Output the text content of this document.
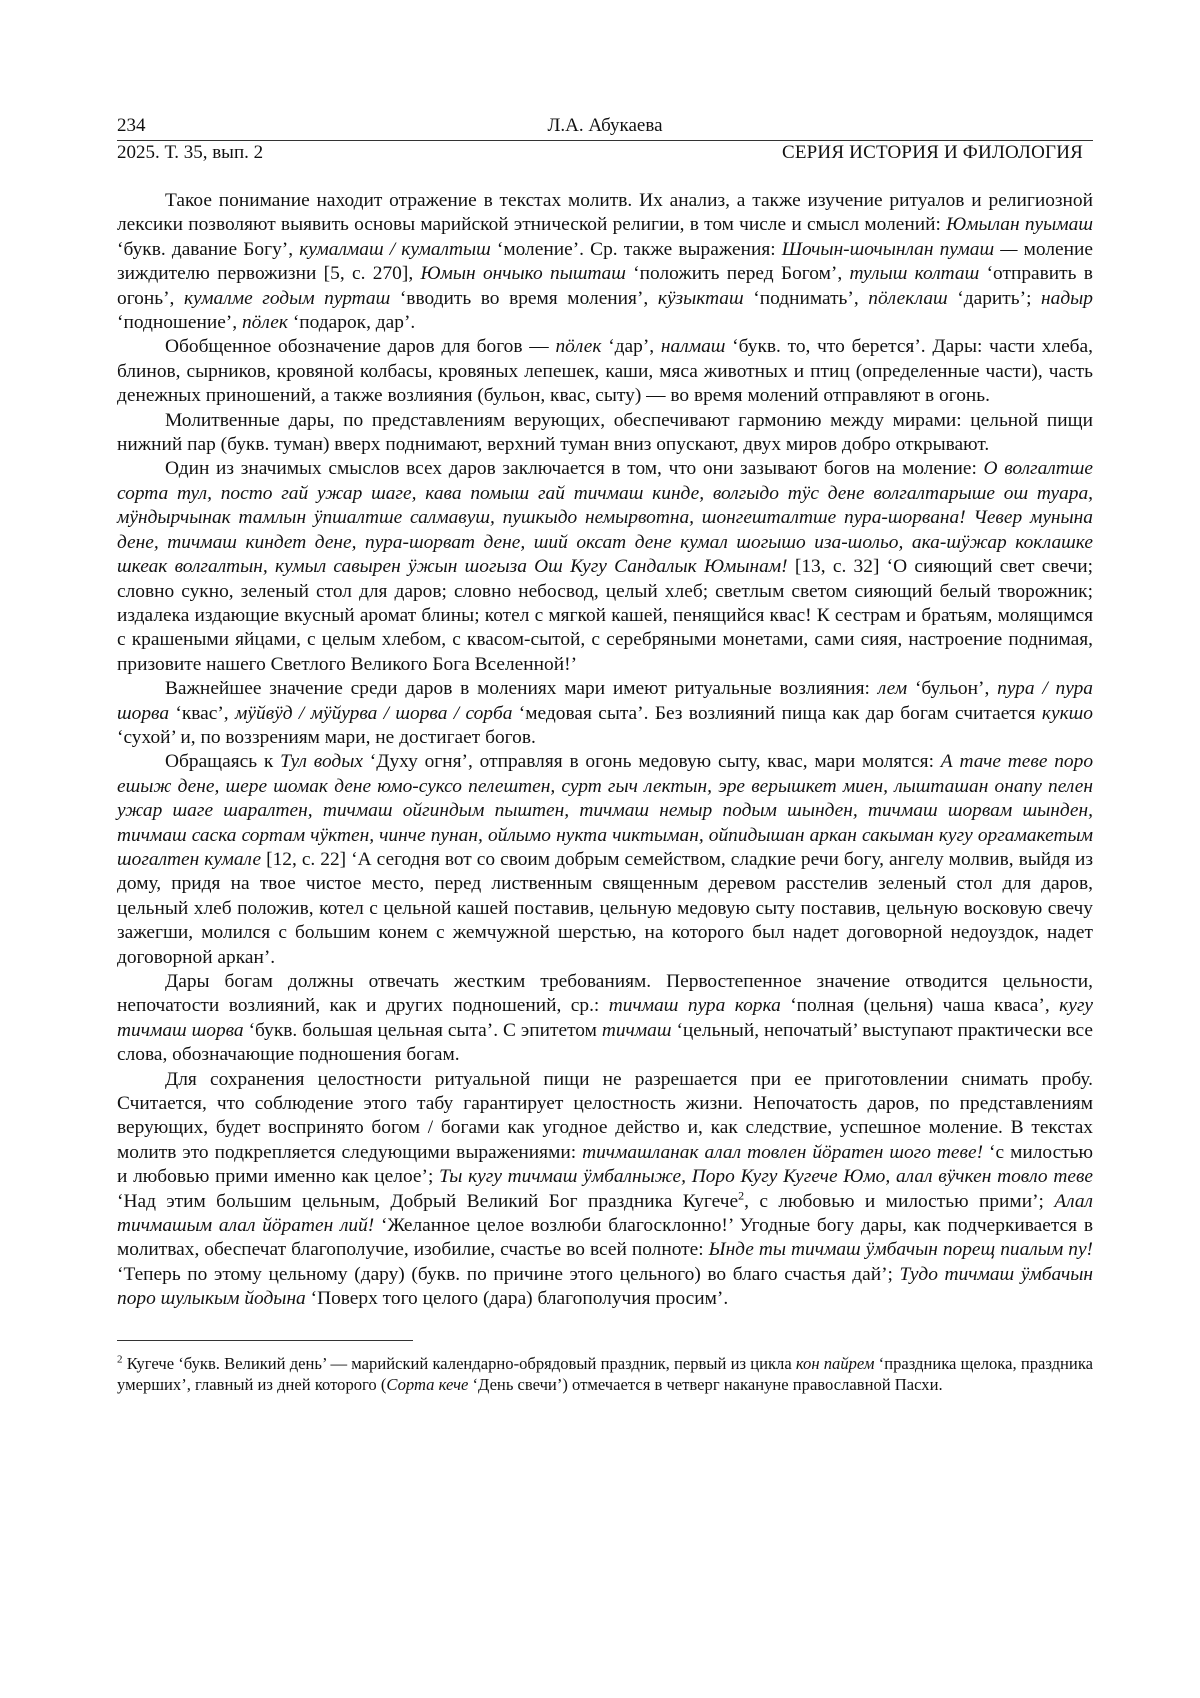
234	Л.А. Абукаева
2025. Т. 35, вып. 2	СЕРИЯ ИСТОРИЯ И ФИЛОЛОГИЯ

Такое понимание находит отражение в текстах молитв. Их анализ, а также изучение ритуалов и религиозной лексики позволяют выявить основы марийской этнической религии, в том числе и смысл молений: Юмылан пуымаш ‘букв. давание Богу’, кумалмаш / кумалтыш ‘моление’. Ср. также выражения: Шочын-шочынлан пумаш — моление зиждителю первожизни [5, с. 270], Юмын ончыко пыштaш ‘положить перед Богом’, тулыш колташ ‘отправить в огонь’, кумалме годым пурташ ‘вводить во время моления’, кӱзыкташ ‘поднимать’, пӧлеклаш ‘дарить’; надыр ‘подношение’, пӧлек ‘подарок, дар’.

Обобщенное обозначение даров для богов — пӧлек ‘дар’, налмаш ‘букв. то, что берется’. Дары: части хлеба, блинов, сырников, кровяной колбасы, кровяных лепешек, каши, мяса животных и птиц (определенные части), часть денежных приношений, а также возлияния (бульон, квас, сыту) — во время молений отправляют в огонь.

Молитвенные дары, по представлениям верующих, обеспечивают гармонию между мирами: цельной пищи нижний пар (букв. туман) вверх поднимают, верхний туман вниз опускают, двух миров добро открывают.

Один из значимых смыслов всех даров заключается в том, что они зазывают богов на моление: О волгалтше сорта тул, посто гай ужар шаге, кава помыш гай тичмаш кинде, волгыдо тӱс дене волгалтарыше ош туара, мӱндырчынак тамлын ӱпшалтше салмавуш, пушкыдо немырвотна, шонгешталтше пура-шорвана! Чевер мунына дене, тичмаш киндет дене, пура-шорват дене, ший оксат дене кумал шогышо иза-шольо, ака-шӱжар коклашке шкеак волгалтын, кумыл савырен ӱжын шогыза Ош Кугу Сандалык Юмынам! [13, с. 32] ‘О сияющий свет свечи; словно сукно, зеленый стол для даров; словно небосвод, целый хлеб; светлым светом сияющий белый творожник; издалека издающие вкусный аромат блины; котел с мягкой кашей, пенящийся квас! К сестрам и братьям, молящимся с крашеными яйцами, с целым хлебом, с квасом-сытой, с серебряными монетами, сами сияя, настроение поднимая, призовите нашего Светлого Великого Бога Вселенной!’

Важнейшее значение среди даров в молениях мари имеют ритуальные возлияния: лем ‘бульон’, пура / пура шорва ‘квас’, мӱйвӱд / мӱйурва / шорва / сорба ‘медовая сыта’. Без возлияний пища как дар богам считается кукшо ‘сухой’ и, по воззрениям мари, не достигает богов.

Обращаясь к Тул водых ‘Духу огня’, отправляя в огонь медовую сыту, квас, мари молятся: А таче теве поро ешыж дене, шере шомак дене юмо-суксо пелештен, сурт гыч лектын, эре верышкет миен, лышташан онапу пелен ужар шаге шаралтен, тичмаш ойгиндым пыштен, тичмаш немыр подым шынден, тичмаш шорвам шынден, тичмаш саска сортам чӱктен, чинче пунан, ойлымо нукта чиктыман, ойпидышан аркан сакыман кугу оргамакетым шогалтен кумале [12, с. 22] ‘А сегодня вот со своим добрым семейством, сладкие речи богу, ангелу молвив, выйдя из дому, придя на твое чистое место, перед лиственным священным деревом расстелив зеленый стол для даров, цельный хлеб положив, котел с цельной кашей поставив, цельную медовую сыту поставив, цельную восковую свечу зажегши, молился с большим конем с жемчужной шерстью, на которого был надет договорной недоуздок, надет договорной аркан’.

Дары богам должны отвечать жестким требованиям. Первостепенное значение отводится цельности, непочатости возлияний, как и других подношений, ср.: тичмаш пура корка ‘полная (цельня) чаша кваса’, кугу тичмаш шорва ‘букв. большая цельная сыта’. С эпитетом тичмаш ‘цельный, непочатый’ выступают практически все слова, обозначающие подношения богам.

Для сохранения целостности ритуальной пищи не разрешается при ее приготовлении снимать пробу. Считается, что соблюдение этого табу гарантирует целостность жизни. Непочатость даров, по представлениям верующих, будет воспринято богом / богами как угодное действо и, как следствие, успешное моление. В текстах молитв это подкрепляется следующими выражениями: тичмашланак алал товлен йӧратен шого теве! ‘с милостью и любовью прими именно как целое’; Ты кугу тичмаш ӱмбалныже, Поро Кугу Кугече Юмо, алал вӱчкен товло теве ‘Над этим большим цельным, Добрый Великий Бог праздника Кугече$^2$, с любовью и милостью прими’; Алал тичмашым алал йӧратен лий! ‘Желанное целое возлюби благосклонно!’ Угодные богу дары, как подчеркивается в молитвах, обеспечат благополучие, изобилие, счастье во всей полноте: Ынде ты тичмаш ӱмбачын порещ пиалым пу! ‘Теперь по этому цельному (дару) (букв. по причине этого цельного) во благо счастья дай’; Тудо тичмаш ӱмбачын поро шулыкым йодына ‘Поверх того целого (дара) благополучия просим’.

$^2$ Кугече ‘букв. Великий день’ — марийский календарно-обрядовый праздник, первый из цикла кон пайрем ‘праздника щелока, праздника умерших’, главный из дней которого (Сорта кече ‘День свечи’) отмечается в четверг накануне православной Пасхи.
